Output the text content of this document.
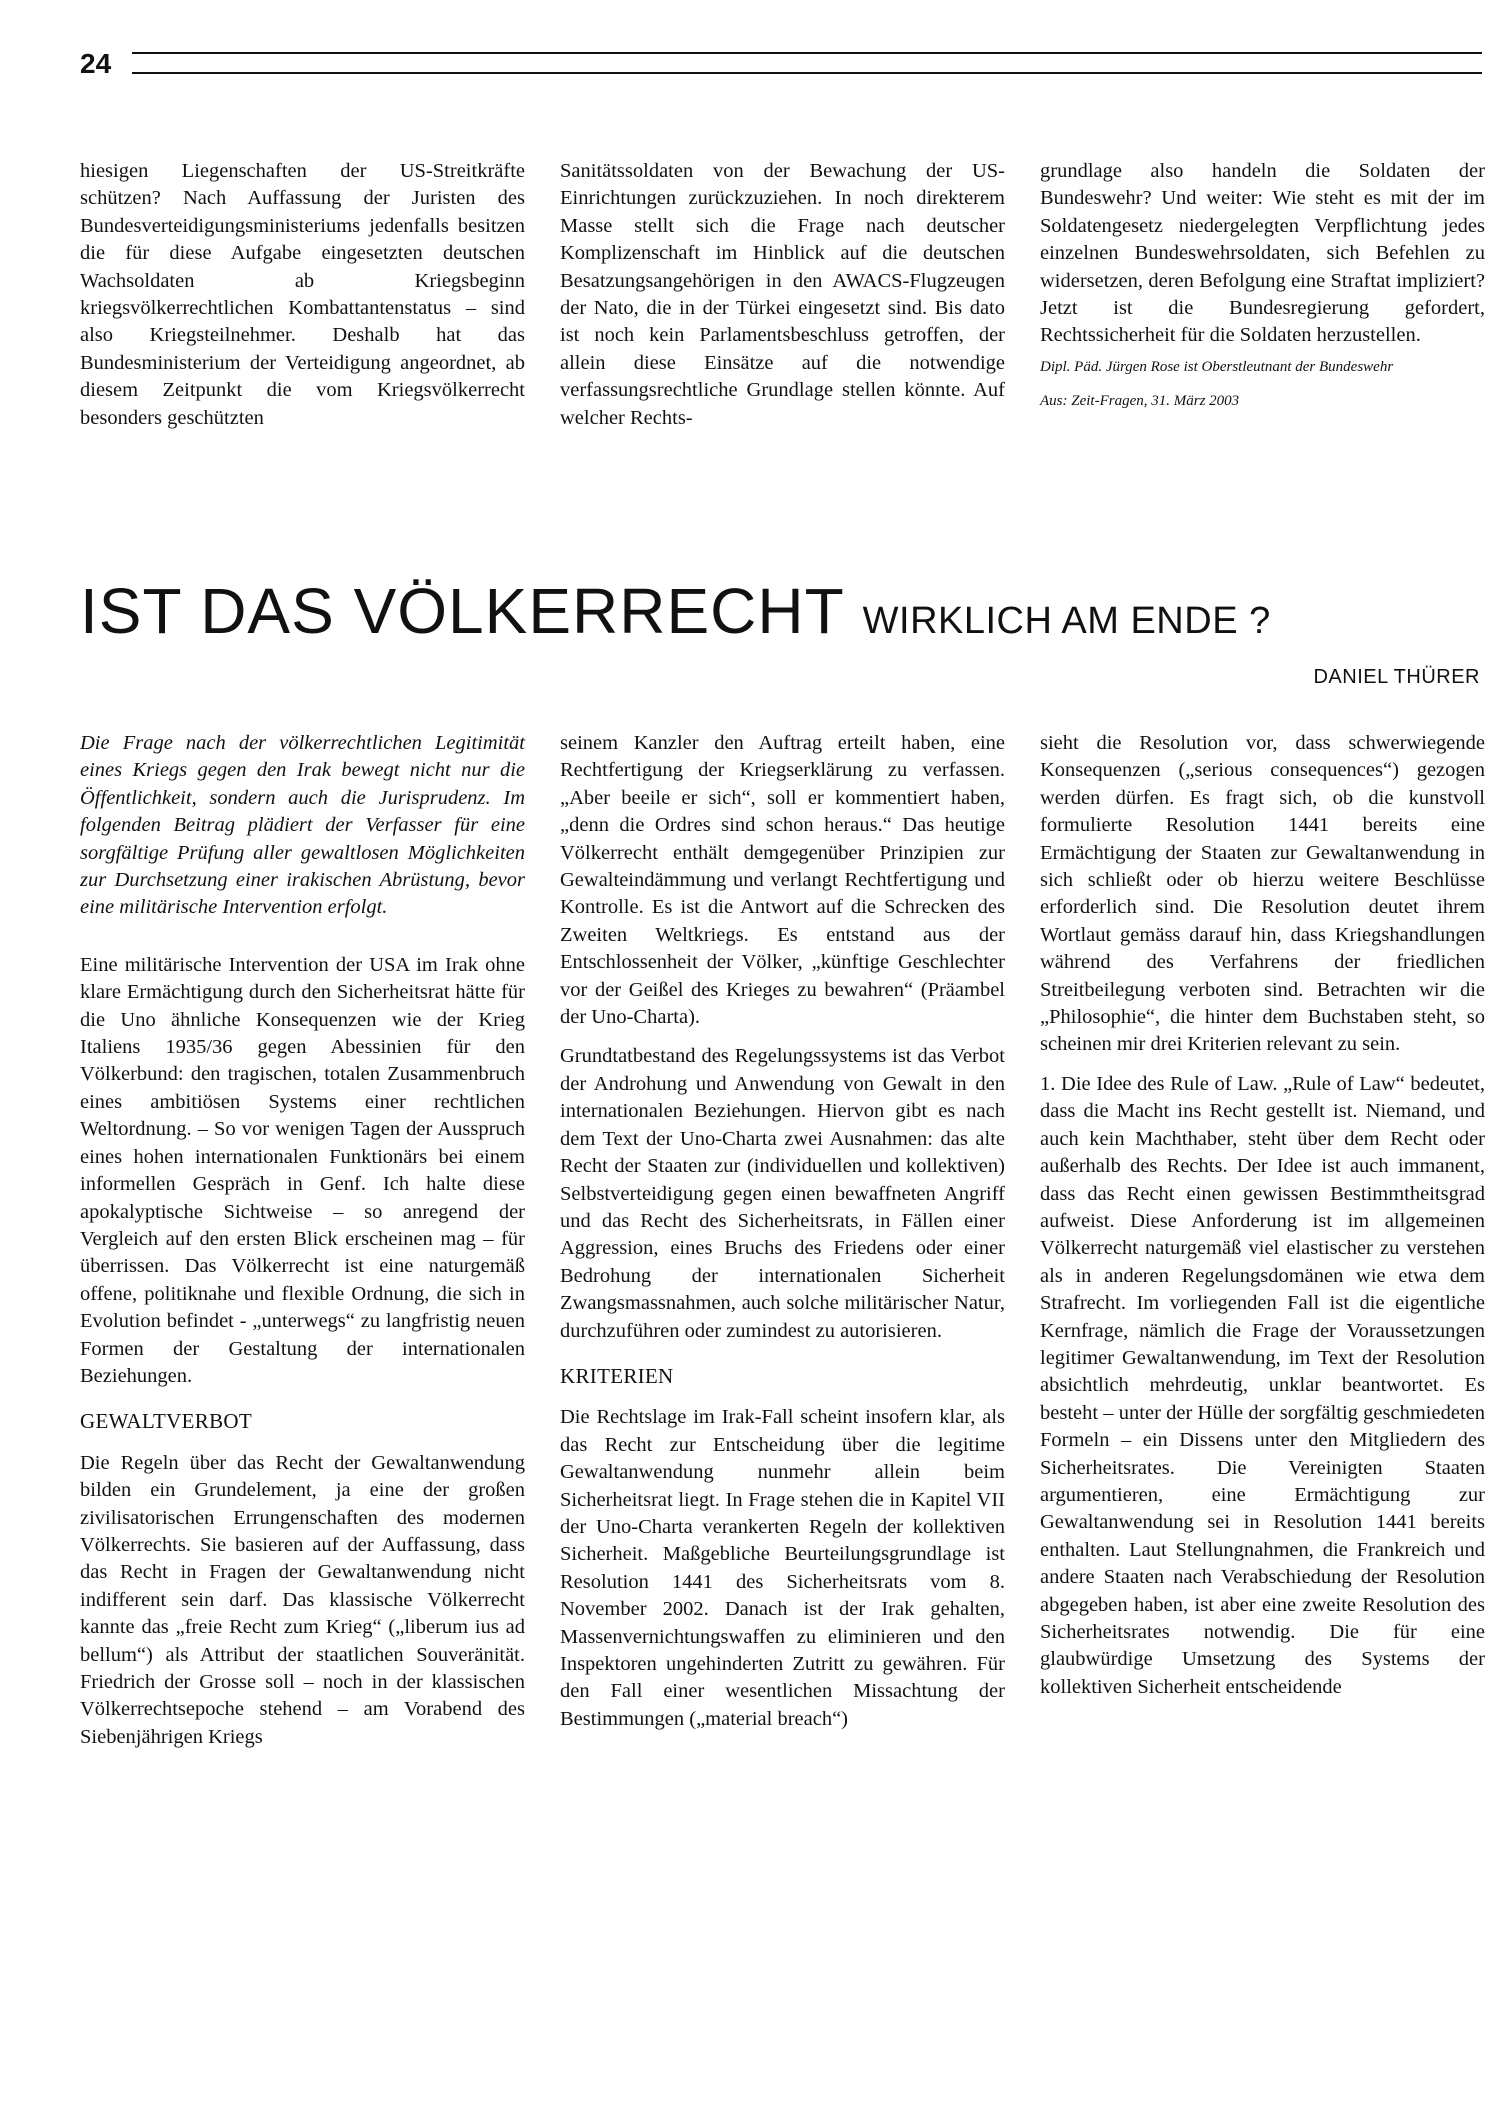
24

hiesigen Liegenschaften der US-Streitkräfte schützen? Nach Auffassung der Juristen des Bundesverteidigungsministeriums jedenfalls besitzen die für diese Aufgabe eingesetzten deutschen Wachsoldaten ab Kriegsbeginn kriegsvölkerrechtlichen Kombattantenstatus – sind also Kriegsteilnehmer. Deshalb hat das Bundesministerium der Verteidigung angeordnet, ab diesem Zeitpunkt die vom Kriegsvölkerrecht besonders geschützten

Sanitätssoldaten von der Bewachung der US-Einrichtungen zurückzuziehen. In noch direkterem Masse stellt sich die Frage nach deutscher Komplizenschaft im Hinblick auf die deutschen Besatzungsangehörigen in den AWACS-Flugzeugen der Nato, die in der Türkei eingesetzt sind. Bis dato ist noch kein Parlamentsbeschluss getroffen, der allein diese Einsätze auf die notwendige verfassungsrechtliche Grundlage stellen könnte. Auf welcher Rechts-

grundlage also handeln die Soldaten der Bundeswehr? Und weiter: Wie steht es mit der im Soldatengesetz niedergelegten Verpflichtung jedes einzelnen Bundeswehrsoldaten, sich Befehlen zu widersetzen, deren Befolgung eine Straftat impliziert? Jetzt ist die Bundesregierung gefordert, Rechtssicherheit für die Soldaten herzustellen.

Dipl. Päd. Jürgen Rose ist Oberstleutnant der Bundeswehr

Aus: Zeit-Fragen, 31. März 2003

IST DAS VÖLKERRECHT WIRKLICH AM ENDE ?
DANIEL THÜRER

Die Frage nach der völkerrechtlichen Legitimität eines Kriegs gegen den Irak bewegt nicht nur die Öffentlichkeit, sondern auch die Jurisprudenz. Im folgenden Beitrag plädiert der Verfasser für eine sorgfältige Prüfung aller gewaltlosen Möglichkeiten zur Durchsetzung einer irakischen Abrüstung, bevor eine militärische Intervention erfolgt.

Eine militärische Intervention der USA im Irak ohne klare Ermächtigung durch den Sicherheitsrat hätte für die Uno ähnliche Konsequenzen wie der Krieg Italiens 1935/36 gegen Abessinien für den Völkerbund: den tragischen, totalen Zusammenbruch eines ambitiösen Systems einer rechtlichen Weltordnung. – So vor wenigen Tagen der Ausspruch eines hohen internationalen Funktionärs bei einem informellen Gespräch in Genf. Ich halte diese apokalyptische Sichtweise – so anregend der Vergleich auf den ersten Blick erscheinen mag – für überrissen. Das Völkerrecht ist eine naturgemäß offene, politiknahe und flexible Ordnung, die sich in Evolution befindet - „unterwegs“ zu langfristig neuen Formen der Gestaltung der internationalen Beziehungen.

GEWALTVERBOT

Die Regeln über das Recht der Gewaltanwendung bilden ein Grundelement, ja eine der großen zivilisatorischen Errungenschaften des modernen Völkerrechts. Sie basieren auf der Auffassung, dass das Recht in Fragen der Gewaltanwendung nicht indifferent sein darf. Das klassische Völkerrecht kannte das „freie Recht zum Krieg“ („liberum ius ad bellum“) als Attribut der staatlichen Souveränität. Friedrich der Grosse soll – noch in der klassischen Völkerrechtsepoche stehend – am Vorabend des Siebenjährigen Kriegs

seinem Kanzler den Auftrag erteilt haben, eine Rechtfertigung der Kriegserklärung zu verfassen. „Aber beeile er sich“, soll er kommentiert haben, „denn die Ordres sind schon heraus.“ Das heutige Völkerrecht enthält demgegenüber Prinzipien zur Gewalteindämmung und verlangt Rechtfertigung und Kontrolle. Es ist die Antwort auf die Schrecken des Zweiten Weltkriegs. Es entstand aus der Entschlossenheit der Völker, „künftige Geschlechter vor der Geißel des Krieges zu bewahren“ (Präambel der Uno-Charta).

Grundtatbestand des Regelungssystems ist das Verbot der Androhung und Anwendung von Gewalt in den internationalen Beziehungen. Hiervon gibt es nach dem Text der Uno-Charta zwei Ausnahmen: das alte Recht der Staaten zur (individuellen und kollektiven) Selbstverteidigung gegen einen bewaffneten Angriff und das Recht des Sicherheitsrats, in Fällen einer Aggression, eines Bruchs des Friedens oder einer Bedrohung der internationalen Sicherheit Zwangsmassnahmen, auch solche militärischer Natur, durchzuführen oder zumindest zu autorisieren.

KRITERIEN

Die Rechtslage im Irak-Fall scheint insofern klar, als das Recht zur Entscheidung über die legitime Gewaltanwendung nunmehr allein beim Sicherheitsrat liegt. In Frage stehen die in Kapitel VII der Uno-Charta verankerten Regeln der kollektiven Sicherheit. Maßgebliche Beurteilungsgrundlage ist Resolution 1441 des Sicherheitsrats vom 8. November 2002. Danach ist der Irak gehalten, Massenvernichtungswaffen zu eliminieren und den Inspektoren ungehinderten Zutritt zu gewähren. Für den Fall einer wesentlichen Missachtung der Bestimmungen („material breach“)

sieht die Resolution vor, dass schwerwiegende Konsequenzen („serious consequences“) gezogen werden dürfen. Es fragt sich, ob die kunstvoll formulierte Resolution 1441 bereits eine Ermächtigung der Staaten zur Gewaltanwendung in sich schließt oder ob hierzu weitere Beschlüsse erforderlich sind. Die Resolution deutet ihrem Wortlaut gemäss darauf hin, dass Kriegshandlungen während des Verfahrens der friedlichen Streitbeilegung verboten sind. Betrachten wir die „Philosophie“, die hinter dem Buchstaben steht, so scheinen mir drei Kriterien relevant zu sein.

1. Die Idee des Rule of Law. „Rule of Law“ bedeutet, dass die Macht ins Recht gestellt ist. Niemand, und auch kein Machthaber, steht über dem Recht oder außerhalb des Rechts. Der Idee ist auch immanent, dass das Recht einen gewissen Bestimmtheitsgrad aufweist. Diese Anforderung ist im allgemeinen Völkerrecht naturgemäß viel elastischer zu verstehen als in anderen Regelungsdomänen wie etwa dem Strafrecht. Im vorliegenden Fall ist die eigentliche Kernfrage, nämlich die Frage der Voraussetzungen legitimer Gewaltanwendung, im Text der Resolution absichtlich mehrdeutig, unklar beantwortet. Es besteht – unter der Hülle der sorgfältig geschmiedeten Formeln – ein Dissens unter den Mitgliedern des Sicherheitsrates. Die Vereinigten Staaten argumentieren, eine Ermächtigung zur Gewaltanwendung sei in Resolution 1441 bereits enthalten. Laut Stellungnahmen, die Frankreich und andere Staaten nach Verabschiedung der Resolution abgegeben haben, ist aber eine zweite Resolution des Sicherheitsrates notwendig. Die für eine glaubwürdige Umsetzung des Systems der kollektiven Sicherheit entscheidende
